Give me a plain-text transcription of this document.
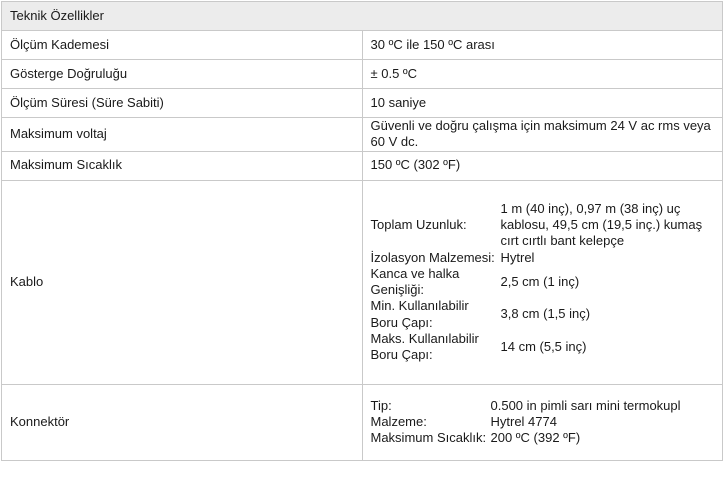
Teknik Özellikler
Ölçüm Kademesi	30 ºC ile 150 ºC arası
Gösterge Doğruluğu	± 0.5 ºC
Ölçüm Süresi (Süre Sabiti)	10 saniye
Maksimum voltaj	Güvenli ve doğru çalışma için maksimum 24 V ac rms veya 60 V dc.
Maksimum Sıcaklık	150 ºC (302 ºF)
Kablo	
Toplam Uzunluk:	1 m (40 inç), 0,97 m (38 inç) uç kablosu, 49,5 cm (19,5 inç.) kumaş cırt cırtlı bant kelepçe
İzolasyon Malzemesi:	Hytrel
Kanca ve halka Genişliği:	2,5 cm (1 inç)
Min. Kullanılabilir Boru Çapı:	3,8 cm (1,5 inç)
Maks. Kullanılabilir Boru Çapı:	14 cm (5,5 inç)

Konnektör	
Tip:	0.500 in pimli sarı mini termokupl
Malzeme:	Hytrel 4774
Maksimum Sıcaklık:	200 ºC (392 ºF)
